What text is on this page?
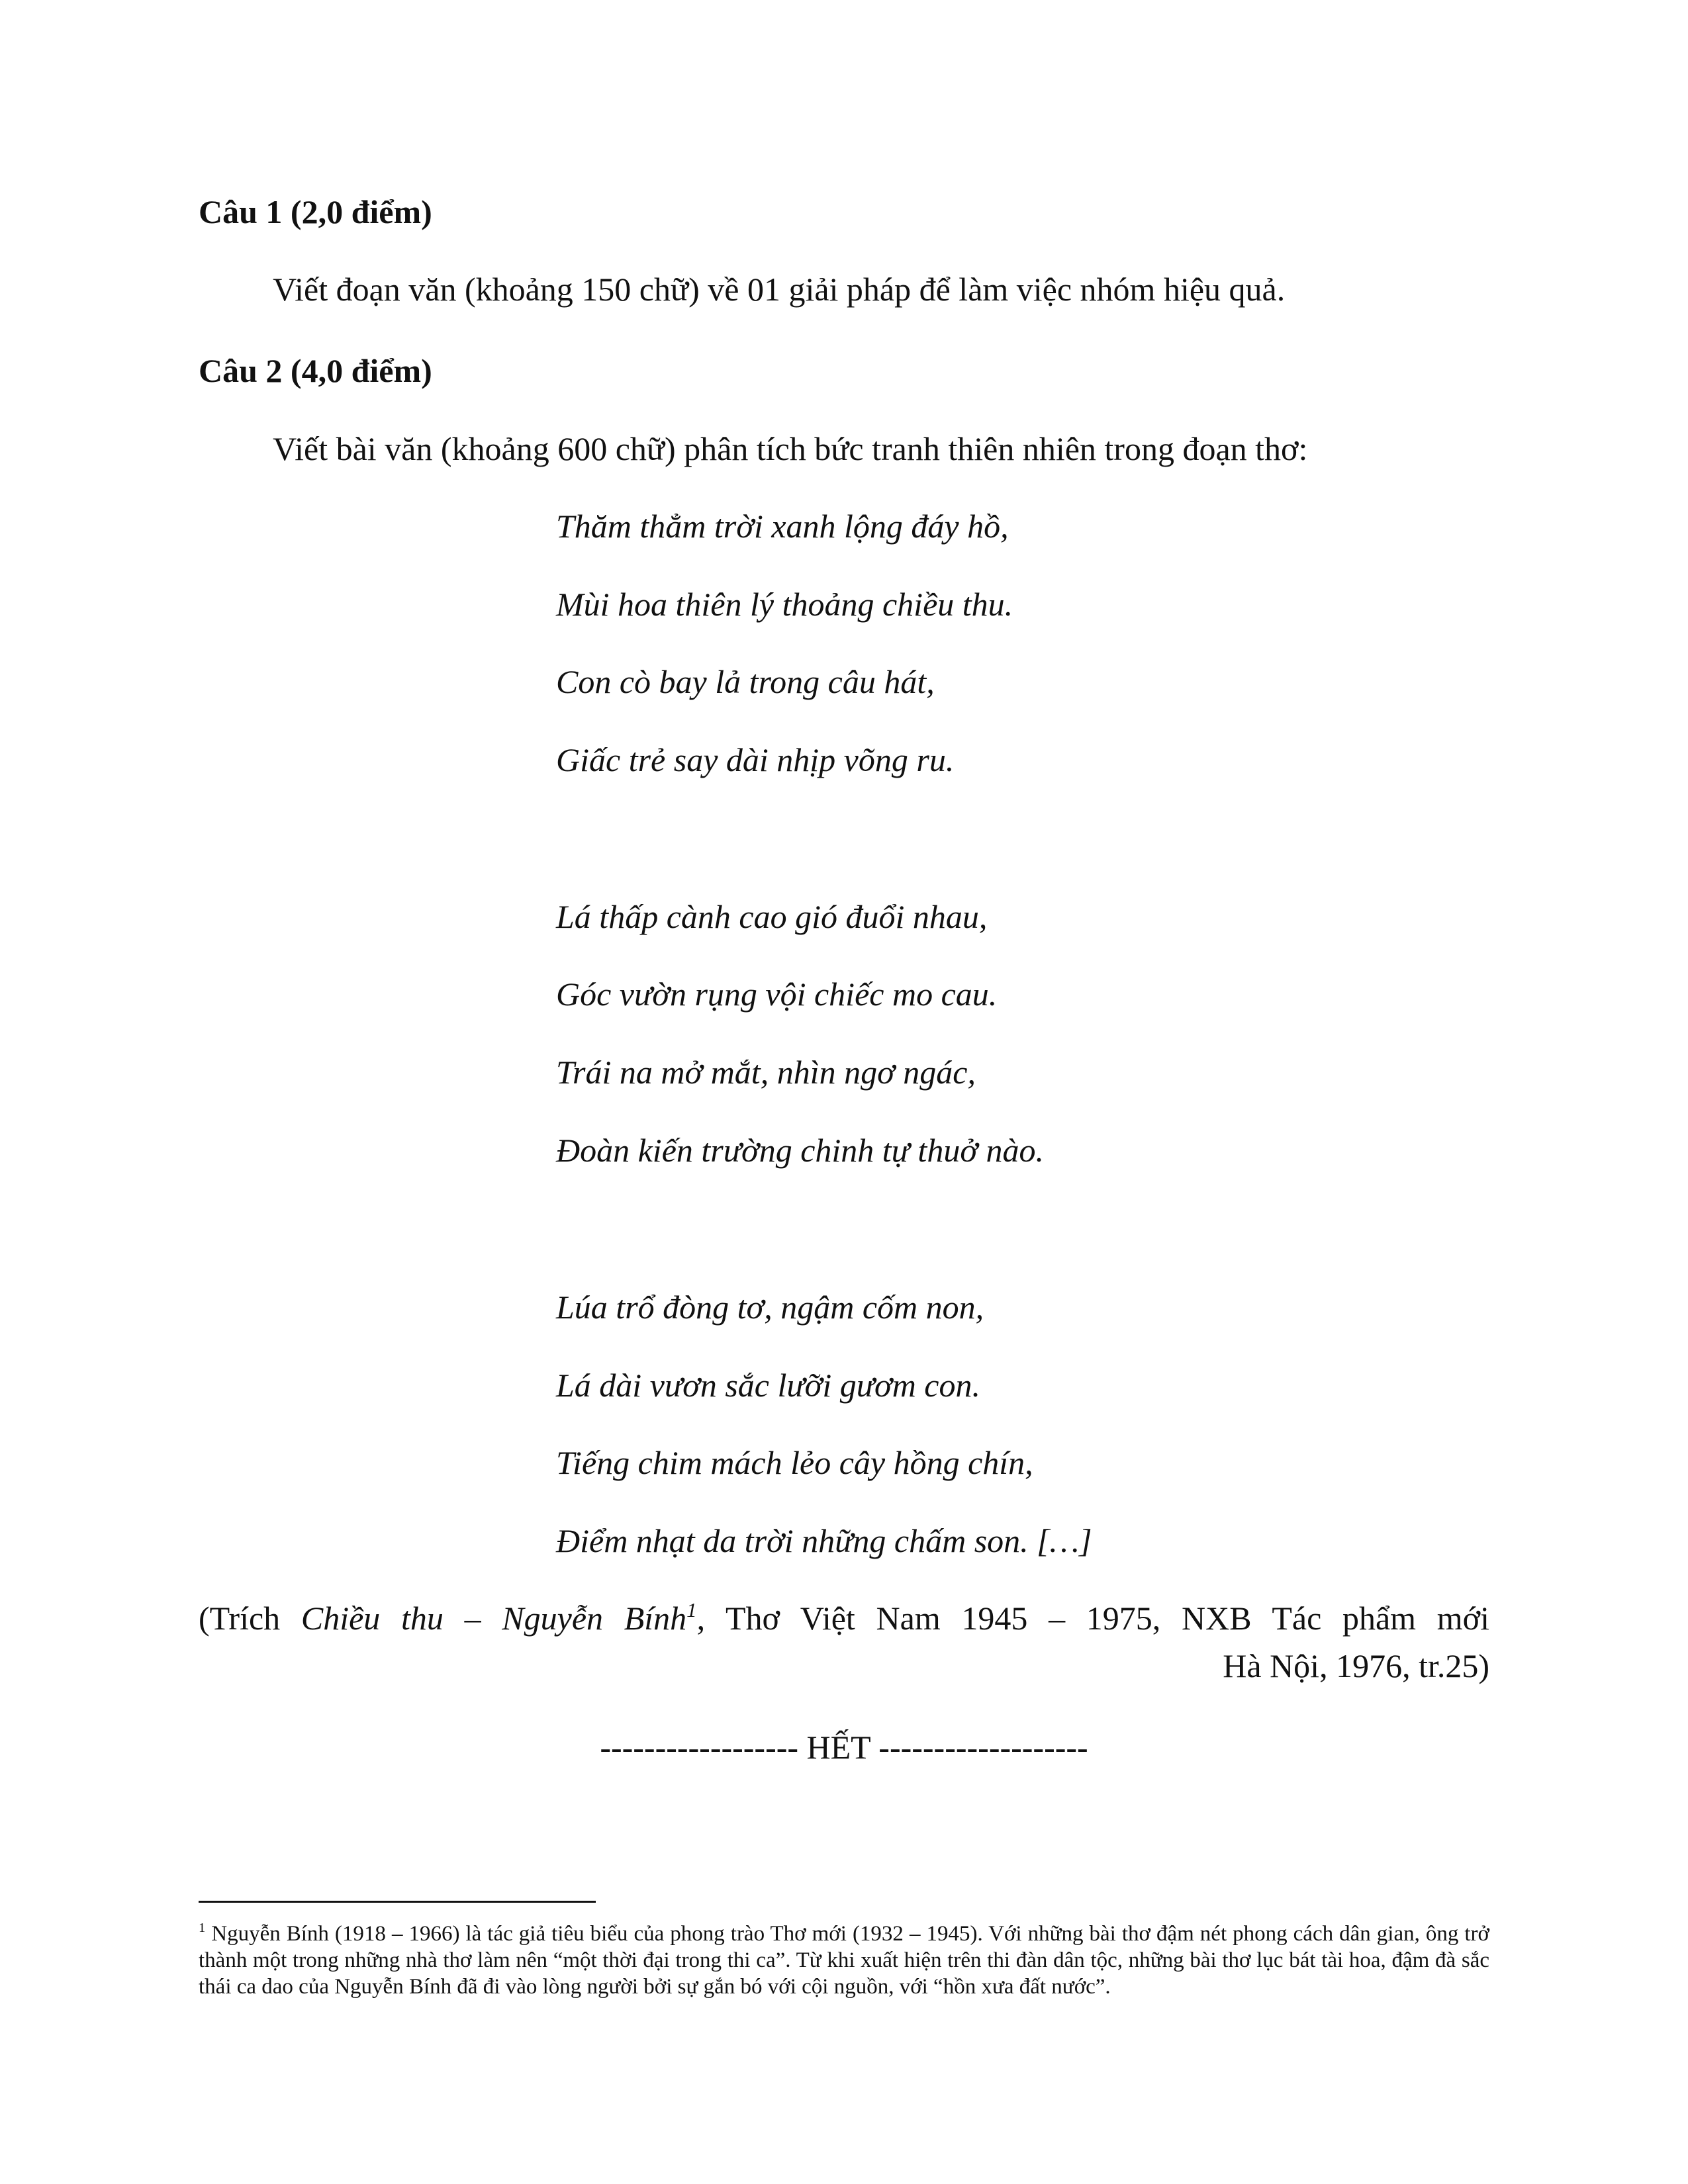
Câu 1 (2,0 điểm)
Viết đoạn văn (khoảng 150 chữ) về 01 giải pháp để làm việc nhóm hiệu quả.
Câu 2 (4,0 điểm)
Viết bài văn (khoảng 600 chữ) phân tích bức tranh thiên nhiên trong đoạn thơ:
Thăm thẳm trời xanh lộng đáy hồ,
Mùi hoa thiên lý thoảng chiều thu.
Con cò bay lả trong câu hát,
Giấc trẻ say dài nhịp võng ru.
Lá thấp cành cao gió đuổi nhau,
Góc vườn rụng vội chiếc mo cau.
Trái na mở mắt, nhìn ngơ ngác,
Đoàn kiến trường chinh tự thuở nào.
Lúa trổ đòng tơ, ngậm cốm non,
Lá dài vươn sắc lưỡi gươm con.
Tiếng chim mách lẻo cây hồng chín,
Điểm nhạt da trời những chấm son. […]
(Trích Chiều thu – Nguyễn Bính$^1$, Thơ Việt Nam 1945 – 1975, NXB Tác phẩm mới
Hà Nội, 1976, tr.25)
------------------ HẾT -------------------
$^1$ Nguyễn Bính (1918 – 1966) là tác giả tiêu biểu của phong trào Thơ mới (1932 – 1945). Với những bài thơ đậm nét phong cách dân gian, ông trở thành một trong những nhà thơ làm nên “một thời đại trong thi ca”. Từ khi xuất hiện trên thi đàn dân tộc, những bài thơ lục bát tài hoa, đậm đà sắc thái ca dao của Nguyễn Bính đã đi vào lòng người bởi sự gắn bó với cội nguồn, với “hồn xưa đất nước”.
